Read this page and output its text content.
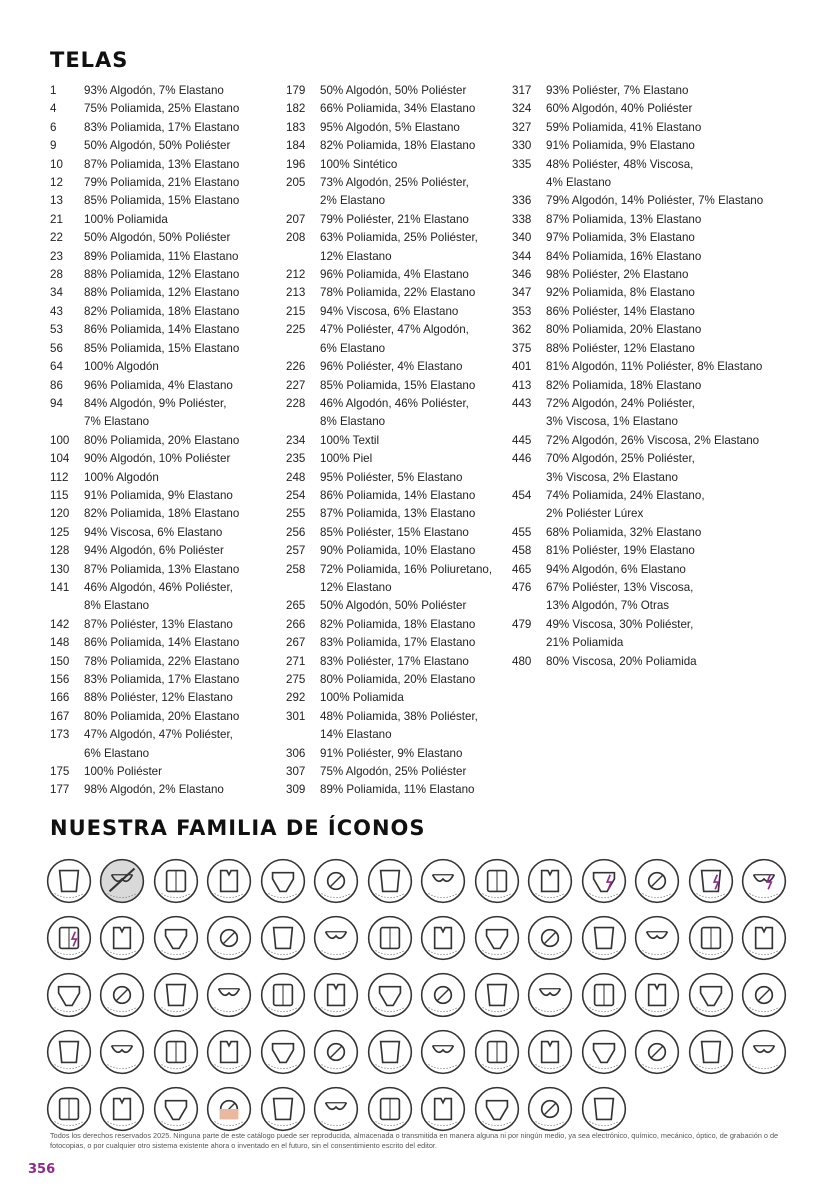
TELAS
1	93% Algodón, 7% Elastano
4	75% Poliamida, 25% Elastano
6	83% Poliamida, 17% Elastano
9	50% Algodón, 50% Poliéster
10	87% Poliamida, 13% Elastano
12	79% Poliamida, 21% Elastano
13	85% Poliamida, 15% Elastano
21	100% Poliamida
22	50% Algodón, 50% Poliéster
23	89% Poliamida, 11% Elastano
28	88% Poliamida, 12% Elastano
34	88% Poliamida, 12% Elastano
43	82% Poliamida, 18% Elastano
53	86% Poliamida, 14% Elastano
56	85% Poliamida, 15% Elastano
64	100% Algodón
86	96% Poliamida, 4% Elastano
94	84% Algodón, 9% Poliéster,
7% Elastano
100	80% Poliamida, 20% Elastano
104	90% Algodón, 10% Poliéster
112	100% Algodón
115	91% Poliamida, 9% Elastano
120	82% Poliamida, 18% Elastano
125	94% Viscosa, 6% Elastano
128	94% Algodón, 6% Poliéster
130	87% Poliamida, 13% Elastano
141	46% Algodón, 46% Poliéster,
8% Elastano
142	87% Poliéster, 13% Elastano
148	86% Poliamida, 14% Elastano
150	78% Poliamida, 22% Elastano
156	83% Poliamida, 17% Elastano
166	88% Poliéster, 12% Elastano
167	80% Poliamida, 20% Elastano
173	47% Algodón, 47% Poliéster,
6% Elastano
175	100% Poliéster
177	98% Algodón, 2% Elastano
179	50% Algodón, 50% Poliéster
182	66% Poliamida, 34% Elastano
183	95% Algodón, 5% Elastano
184	82% Poliamida, 18% Elastano
196	100% Sintético
205	73% Algodón, 25% Poliéster,
2% Elastano
207	79% Poliéster, 21% Elastano
208	63% Poliamida, 25% Poliéster,
12% Elastano
212	96% Poliamida, 4% Elastano
213	78% Poliamida, 22% Elastano
215	94% Viscosa, 6% Elastano
225	47% Poliéster, 47% Algodón,
6% Elastano
226	96% Poliéster, 4% Elastano
227	85% Poliamida, 15% Elastano
228	46% Algodón, 46% Poliéster,
8% Elastano
234	100% Textil
235	100% Piel
248	95% Poliéster, 5% Elastano
254	86% Poliamida, 14% Elastano
255	87% Poliamida, 13% Elastano
256	85% Poliéster, 15% Elastano
257	90% Poliamida, 10% Elastano
258	72% Poliamida, 16% Poliuretano,
12% Elastano
265	50% Algodón, 50% Poliéster
266	82% Poliamida, 18% Elastano
267	83% Poliamida, 17% Elastano
271	83% Poliéster, 17% Elastano
275	80% Poliamida, 20% Elastano
292	100% Poliamida
301	48% Poliamida, 38% Poliéster,
14% Elastano
306	91% Poliéster, 9% Elastano
307	75% Algodón, 25% Poliéster
309	89% Poliamida, 11% Elastano
317	93% Poliéster, 7% Elastano
324	60% Algodón, 40% Poliéster
327	59% Poliamida, 41% Elastano
330	91% Poliamida, 9% Elastano
335	48% Poliéster, 48% Viscosa,
4% Elastano
336	79% Algodón, 14% Poliéster, 7% Elastano
338	87% Poliamida, 13% Elastano
340	97% Poliamida, 3% Elastano
344	84% Poliamida, 16% Elastano
346	98% Poliéster, 2% Elastano
347	92% Poliamida, 8% Elastano
353	86% Poliéster, 14% Elastano
362	80% Poliamida, 20% Elastano
375	88% Poliéster, 12% Elastano
401	81% Algodón, 11% Poliéster, 8% Elastano
413	82% Poliamida, 18% Elastano
443	72% Algodón, 24% Poliéster,
3% Viscosa, 1% Elastano
445	72% Algodón, 26% Viscosa, 2% Elastano
446	70% Algodón, 25% Poliéster,
3% Viscosa, 2% Elastano
454	74% Poliamida, 24% Elastano,
2% Poliéster Lúrex
455	68% Poliamida, 32% Elastano
458	81% Poliéster, 19% Elastano
465	94% Algodón, 6% Elastano
476	67% Poliéster, 13% Viscosa,
13% Algodón, 7% Otras
479	49% Viscosa, 30% Poliéster,
21% Poliamida
480	80% Viscosa, 20% Poliamida
NUESTRA FAMILIA DE ÍCONOS

Todos los derechos reservados 2025. Ninguna parte de este catálogo puede ser reproducida, almacenada o transmitida en manera alguna ni por ningún medio, ya sea electrónico, químico, mecánico, óptico, de grabación o de fotocopias, o por cualquier otro sistema existente ahora o inventado en el futuro, sin el consentimiento escrito del editor.

356
